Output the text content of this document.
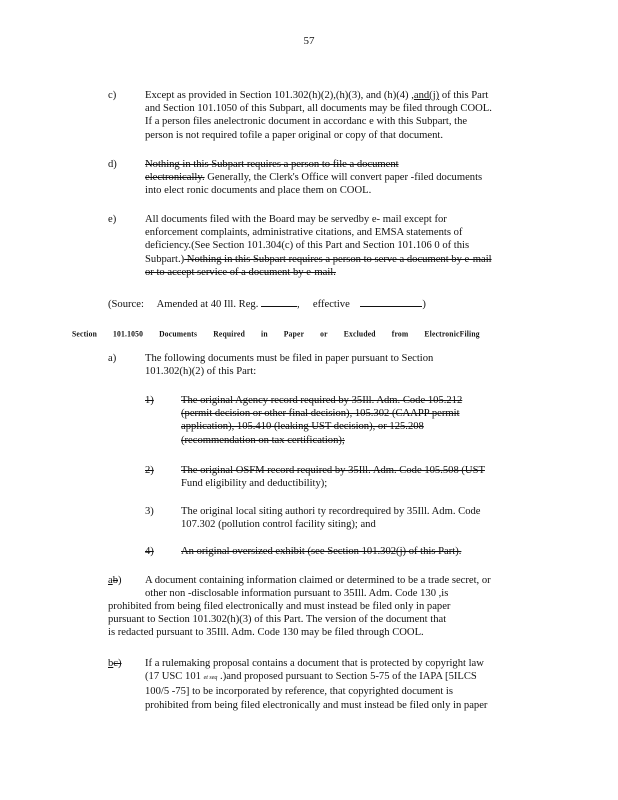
57
c)	Except as provided in Section 101.302(h)(2),(h)(3), and (h)(4) ,and(j) of this Part
and Section 101.1050 of this Subpart, all documents may be filed through COOL.
If a person files anelectronic document in accordanc e with this Subpart, the
person is not required tofile a paper original or copy of that document.
d)	Nothing in this Subpart requires a person to file a document
electronically. Generally, the Clerk's Office will convert paper -filed documents
into elect ronic documents and place them on COOL.
e)	All documents filed with the Board may be servedby e- mail except for
enforcement complaints, administrative citations, and EMSA statements of
deficiency.(See Section 101.304(c) of this Part and Section 101.106 0 of this
Subpart.) Nothing in this Subpart requires a person to serve a document by e-mail
or to accept service of a document by e-mail.
(Source: Amended at 40 Ill. Reg.	, effective	)
Section 101.1050 Documents Required in Paper or Excluded from ElectronicFiling
a)	The following documents must be filed in paper pursuant to Section
101.302(h)(2) of this Part:
1)	The original Agency record required by 35Ill. Adm. Code 105.212
(permit decision or other final decision), 105.302 (CAAPP permit
application), 105.410 (leaking UST decision), or 125.208
(recommendation on tax certification);
2)	The original OSFM record required by 35Ill. Adm. Code 105.508 (UST
Fund eligibility and deductibility);
3)	The original local siting authori ty recordrequired by 35Ill. Adm. Code
107.302 (pollution control facility siting); and
4)	An original oversized exhibit (see Section 101.302(j) of this Part).
ab) A document containing information claimed or determined to be a trade secret, or
other non -disclosable information pursuant to 35Ill. Adm. Code 130 ,is
prohibited from being filed electronically and must instead be filed only in paper
pursuant to Section 101.302(h)(3) of this Part. The version of the document that
is redacted pursuant to 35Ill. Adm. Code 130 may be filed through COOL.
bc) If a rulemaking proposal contains a document that is protected by copyright law
(17 USC 101 et seq .)and proposed pursuant to Section 5-75 of the IAPA [5ILCS
100/5 -75] to be incorporated by reference, that copyrighted document is
prohibited from being filed electronically and must instead be filed only in paper
